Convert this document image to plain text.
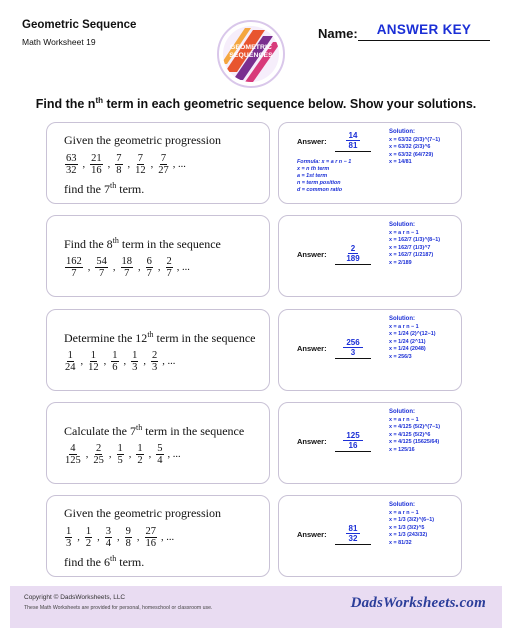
Geometric Sequence
Math Worksheet 19
GEOMETRIC
SEQUENCES
Name:	ANSWER KEY
Find the $n^{th}$ term in each geometric sequence below. Show your solutions.
Given the geometric progression
$\frac{63}{32}$ , $\frac{21}{16}$ , $\frac{7}{8}$ , $\frac{7}{12}$ , $\frac{7}{27}$ , ...
find the 7th term.
Answer: $\frac{14}{81}$
Formula: x = a r n − 1
x = n th term
a = 1st term
n = term position
d = common ratio
Solution:
x = 63/32 (2/3)^(7−1)
x = 63/32 (2/3)^6
x = 63/32 (64/729)
x = 14/81
Find the 8th term in the sequence
$\frac{162}{7}$ , $\frac{54}{7}$ , $\frac{18}{7}$ , $\frac{6}{7}$ , $\frac{2}{7}$ , ...
Answer: $\frac{2}{189}$
Solution:
x = a r n − 1
x = 162/7 (1/3)^(8−1)
x = 162/7 (1/3)^7
x = 162/7 (1/2187)
x = 2/189
Determine the 12th term in the sequence
$\frac{1}{24}$ , $\frac{1}{12}$ , $\frac{1}{6}$ , $\frac{1}{3}$ , $\frac{2}{3}$ , ...
Answer: $\frac{256}{3}$
Solution:
x = a r n − 1
x = 1/24 (2)^(12−1)
x = 1/24 (2^11)
x = 1/24 (2048)
x = 256/3
Calculate the 7th term in the sequence
$\frac{4}{125}$ , $\frac{2}{25}$ , $\frac{1}{5}$ , $\frac{1}{2}$ , $\frac{5}{4}$ , ...
Answer: $\frac{125}{16}$
Solution:
x = a r n − 1
x = 4/125 (5/2)^(7−1)
x = 4/125 (5/2)^6
x = 4/125 (15625/64)
x = 125/16
Given the geometric progression
$\frac{1}{3}$ , $\frac{1}{2}$ , $\frac{3}{4}$ , $\frac{9}{8}$ , $\frac{27}{16}$ , ...
find the 6th term.
Answer: $\frac{81}{32}$
Solution:
x = a r n − 1
x = 1/3 (3/2)^(6−1)
x = 1/3 (3/2)^5
x = 1/3 (243/32)
x = 81/32
Copyright © DadsWorksheets, LLC
These Math Worksheets are provided for personal, homeschool or classroom use.	DadsWorksheets.com
